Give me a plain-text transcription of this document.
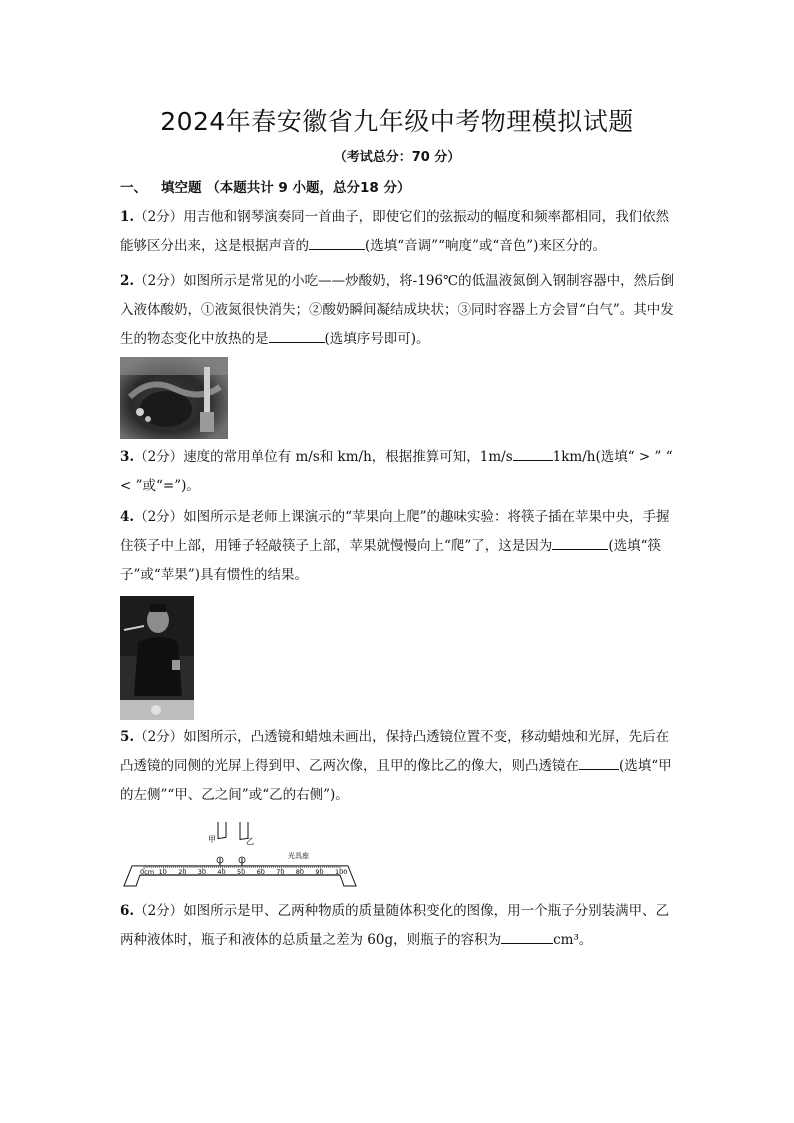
2024年春安徽省九年级中考物理模拟试题
（考试总分：70 分）
一、 填空题 （本题共计 9 小题，总分18 分）
1.（2分）用吉他和钢琴演奏同一首曲子，即使它们的弦振动的幅度和频率都相同，我们依然能够区分出来，这是根据声音的	(选填“音调”“响度”或“音色”)来区分的。
2.（2分）如图所示是常见的小吃——炒酸奶，将-196℃的低温液氮倒入钢制容器中，然后倒入液体酸奶，①液氮很快消失；②酸奶瞬间凝结成块状；③同时容器上方会冒“白气”。其中发生的物态变化中放热的是	(选填序号即可)。
3.（2分）速度的常用单位有 m/s和 km/h，根据推算可知，1m/s	1km/h(选填“ > ” “ < ”或“=”)。
4.（2分）如图所示是老师上课演示的“苹果向上爬”的趣味实验：将筷子插在苹果中央，手握住筷子中上部，用锤子轻敲筷子上部，苹果就慢慢向上“爬”了，这是因为	(选填“筷子”或“苹果”)具有惯性的结果。
5.（2分）如图所示，凸透镜和蜡烛未画出，保持凸透镜位置不变，移动蜡烛和光屏，先后在凸透镜的同侧的光屏上得到甲、乙两次像，且甲的像比乙的像大，则凸透镜在	(选填“甲的左侧”“甲、乙之间”或“乙的右侧”)。
甲	乙
光具座
0cm 10 20 30 40 50 60 70 80 90 100
6.（2分）如图所示是甲、乙两种物质的质量随体积变化的图像，用一个瓶子分别装满甲、乙两种液体时，瓶子和液体的总质量之差为 60g，则瓶子的容积为	cm³。
